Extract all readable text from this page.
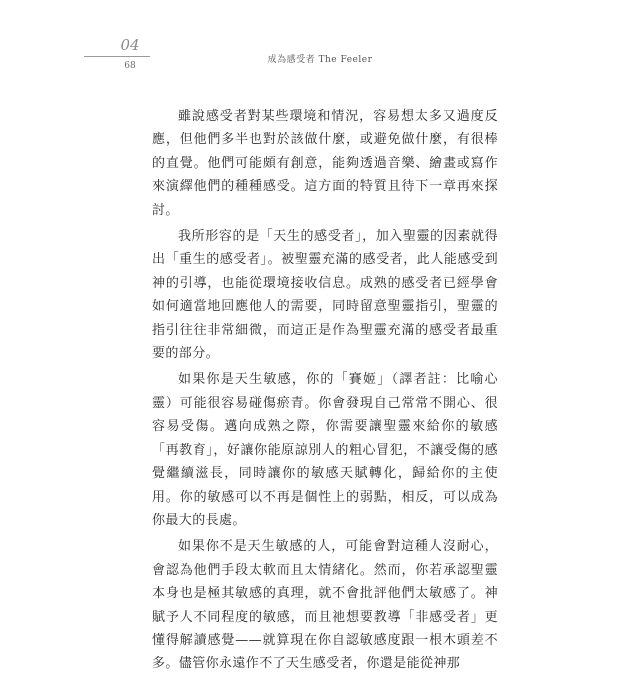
04
68
成為感受者 The Feeler

雖說感受者對某些環境和情況，容易想太多又過度反應，但他們多半也對於該做什麼，或避免做什麼，有很棒的直覺。他們可能頗有創意，能夠透過音樂、繪畫或寫作來演繹他們的種種感受。這方面的特質且待下一章再來探討。

我所形容的是「天生的感受者」，加入聖靈的因素就得出「重生的感受者」。被聖靈充滿的感受者，此人能感受到神的引導，也能從環境接收信息。成熟的感受者已經學會如何適當地回應他人的需要，同時留意聖靈指引，聖靈的指引往往非常細微，而這正是作為聖靈充滿的感受者最重要的部分。

如果你是天生敏感，你的「賽姬」（譯者註：比喻心靈）可能很容易碰傷瘀青。你會發現自己常常不開心、很容易受傷。邁向成熟之際，你需要讓聖靈來給你的敏感「再教育」，好讓你能原諒別人的粗心冒犯，不讓受傷的感覺繼續滋長，同時讓你的敏感天賦轉化，歸給你的主使用。你的敏感可以不再是個性上的弱點，相反，可以成為你最大的長處。

如果你不是天生敏感的人，可能會對這種人沒耐心，會認為他們手段太軟而且太情緒化。然而，你若承認聖靈本身也是極其敏感的真理，就不會批評他們太敏感了。神賦予人不同程度的敏感，而且祂想要教導「非感受者」更懂得解讀感覺——就算現在你自認敏感度跟一根木頭差不多。儘管你永遠作不了天生感受者，你還是能從神那
